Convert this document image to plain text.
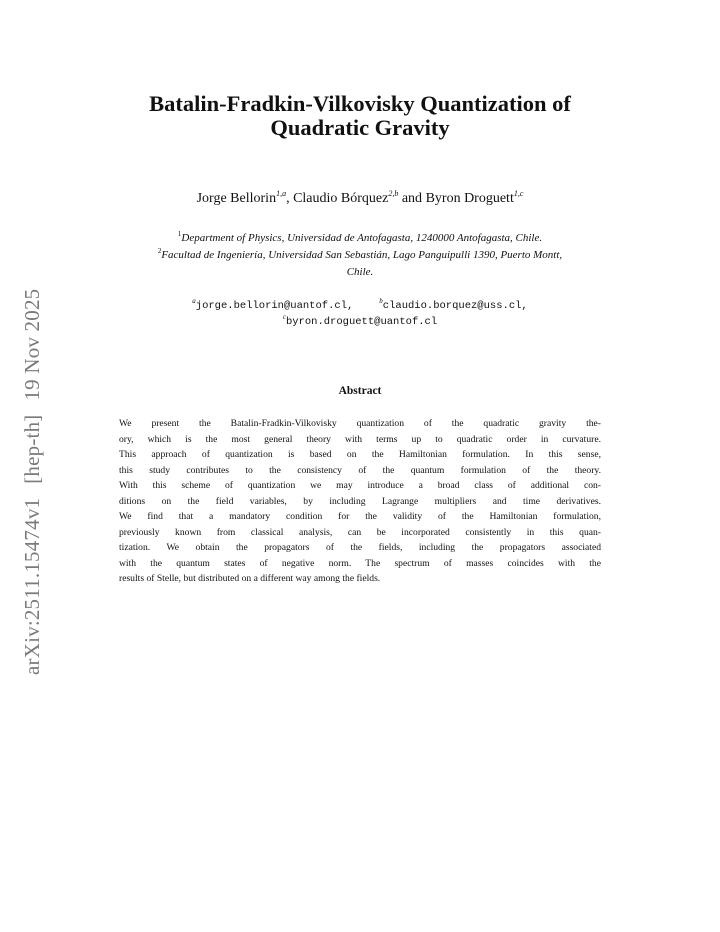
arXiv:2511.15474v1[hep-th]19 Nov 2025
Batalin-Fradkin-Vilkovisky Quantization of
Quadratic Gravity
Jorge Bellorin$^{1,a}$, Claudio Bórquez$^{2,b}$ and Byron Droguett$^{1,c}$
$^1$Department of Physics, Universidad de Antofagasta, 1240000 Antofagasta, Chile.
$^2$Facultad de Ingeniería, Universidad San Sebastián, Lago Panguipulli 1390, Puerto Montt,
Chile.
$^a$jorge.bellorin@uantof.cl,	$^b$claudio.borquez@uss.cl,
$^c$byron.droguett@uantof.cl
Abstract
We present the Batalin-Fradkin-Vilkovisky quantization of the quadratic gravity the-
ory, which is the most general theory with terms up to quadratic order in curvature.
This approach of quantization is based on the Hamiltonian formulation. In this sense,
this study contributes to the consistency of the quantum formulation of the theory.
With this scheme of quantization we may introduce a broad class of additional con-
ditions on the field variables, by including Lagrange multipliers and time derivatives.
We find that a mandatory condition for the validity of the Hamiltonian formulation,
previously known from classical analysis, can be incorporated consistently in this quan-
tization. We obtain the propagators of the fields, including the propagators associated
with the quantum states of negative norm. The spectrum of masses coincides with the
results of Stelle, but distributed on a different way among the fields.
